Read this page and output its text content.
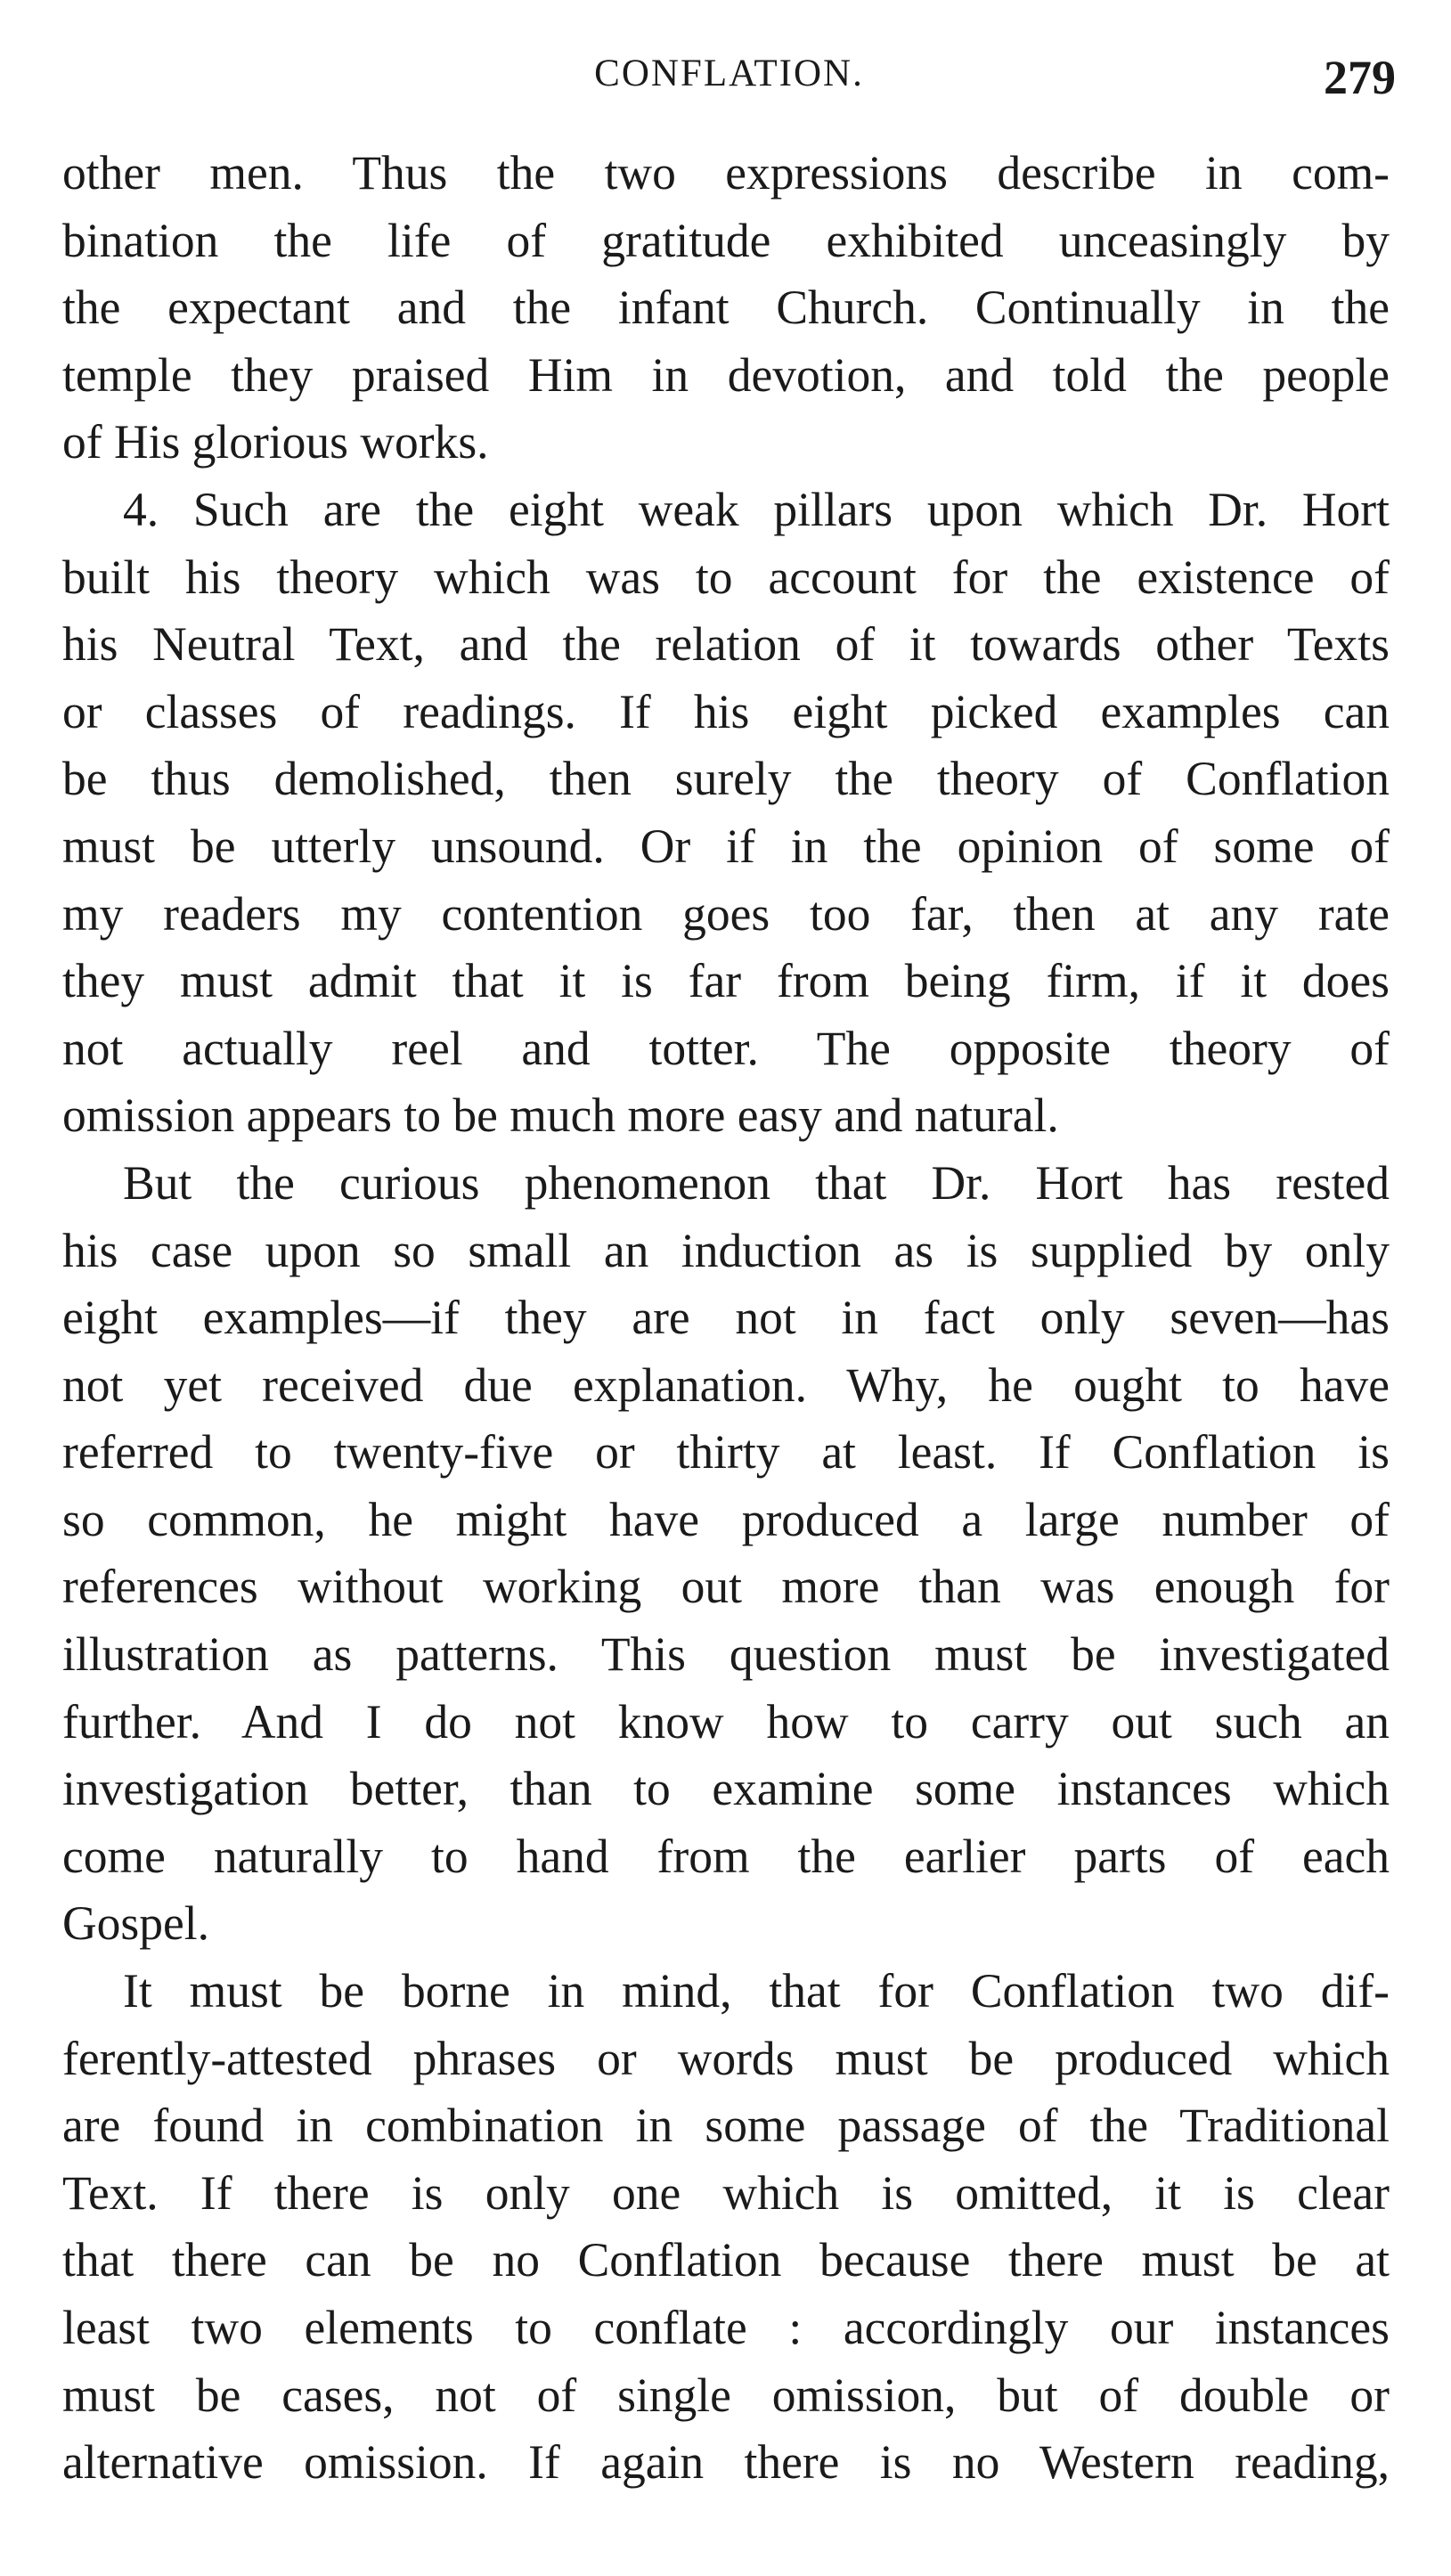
CONFLATION.	279
other men. Thus the two expressions describe in com-
bination the life of gratitude exhibited unceasingly by
the expectant and the infant Church. Continually in the
temple they praised Him in devotion, and told the people
of His glorious works.
4. Such are the eight weak pillars upon which Dr. Hort
built his theory which was to account for the existence of
his Neutral Text, and the relation of it towards other Texts
or classes of readings. If his eight picked examples can
be thus demolished, then surely the theory of Conflation
must be utterly unsound. Or if in the opinion of some of
my readers my contention goes too far, then at any rate
they must admit that it is far from being firm, if it does
not actually reel and totter. The opposite theory of
omission appears to be much more easy and natural.
But the curious phenomenon that Dr. Hort has rested
his case upon so small an induction as is supplied by only
eight examples—if they are not in fact only seven—has
not yet received due explanation. Why, he ought to have
referred to twenty-five or thirty at least. If Conflation is
so common, he might have produced a large number of
references without working out more than was enough for
illustration as patterns. This question must be investigated
further. And I do not know how to carry out such an
investigation better, than to examine some instances which
come naturally to hand from the earlier parts of each
Gospel.
It must be borne in mind, that for Conflation two dif-
ferently-attested phrases or words must be produced which
are found in combination in some passage of the Traditional
Text. If there is only one which is omitted, it is clear
that there can be no Conflation because there must be at
least two elements to conflate : accordingly our instances
must be cases, not of single omission, but of double or
alternative omission. If again there is no Western reading,
